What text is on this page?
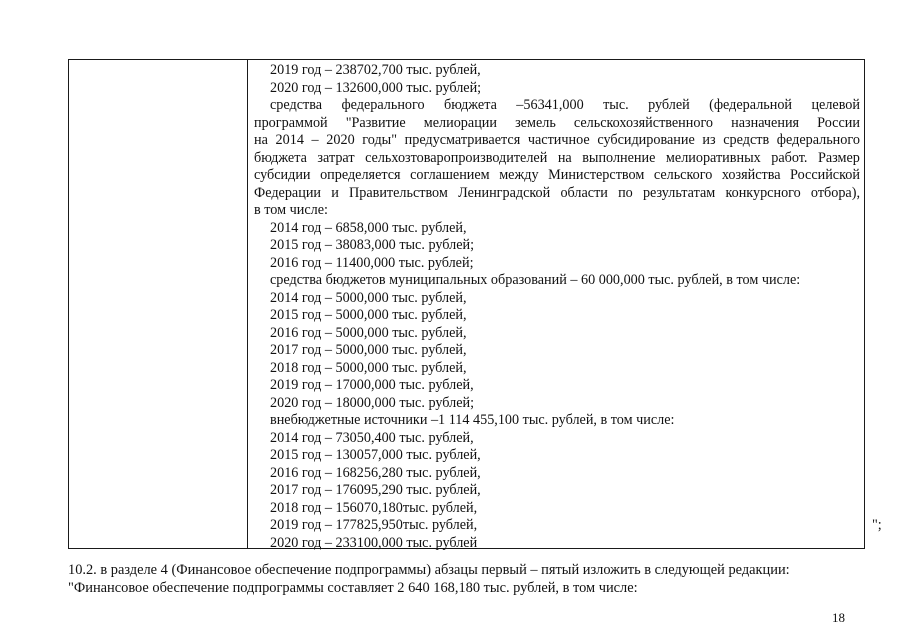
2019 год – 238702,700 тыс. рублей,
2020 год – 132600,000 тыс. рублей;
средства федерального бюджета –56341,000 тыс. рублей (федеральной целевой
программой "Развитие мелиорации земель сельскохозяйственного назначения России
на 2014 – 2020 годы" предусматривается частичное субсидирование из средств федерального
бюджета затрат сельхозтоваропроизводителей на выполнение мелиоративных работ. Размер
субсидии определяется соглашением между Министерством сельского хозяйства Российской
Федерации и Правительством Ленинградской области по результатам конкурсного отбора),
в том числе:
2014 год – 6858,000 тыс. рублей,
2015 год – 38083,000 тыс. рублей;
2016 год – 11400,000 тыс. рублей;
средства бюджетов муниципальных образований – 60 000,000 тыс. рублей, в том числе:
2014 год – 5000,000 тыс. рублей,
2015 год – 5000,000 тыс. рублей,
2016 год – 5000,000 тыс. рублей,
2017 год – 5000,000 тыс. рублей,
2018 год – 5000,000 тыс. рублей,
2019 год – 17000,000 тыс. рублей,
2020 год – 18000,000 тыс. рублей;
внебюджетные источники –1 114 455,100 тыс. рублей, в том числе:
2014 год – 73050,400 тыс. рублей,
2015 год – 130057,000 тыс. рублей,
2016 год – 168256,280 тыс. рублей,
2017 год – 176095,290 тыс. рублей,
2018 год – 156070,180тыс. рублей,
2019 год – 177825,950тыс. рублей,
2020 год – 233100,000 тыс. рублей
";
10.2. в разделе 4 (Финансовое обеспечение подпрограммы) абзацы первый – пятый изложить в следующей редакции:
"Финансовое обеспечение подпрограммы составляет 2 640 168,180 тыс. рублей, в том числе:
18
